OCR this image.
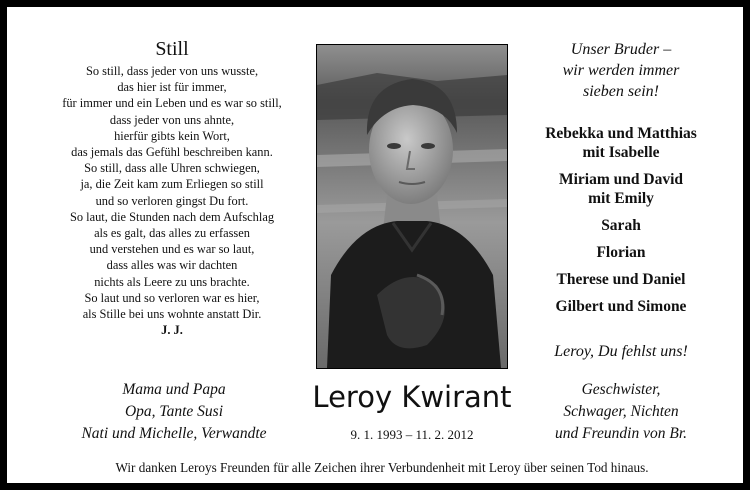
Still
So still, dass jeder von uns wusste,
das hier ist für immer,
für immer und ein Leben und es war so still,
dass jeder von uns ahnte,
hierfür gibts kein Wort,
das jemals das Gefühl beschreiben kann.
So still, dass alle Uhren schwiegen,
ja, die Zeit kam zum Erliegen so still
und so verloren gingst Du fort.
So laut, die Stunden nach dem Aufschlag
als es galt, das alles zu erfassen
und verstehen und es war so laut,
dass alles was wir dachten
nichts als Leere zu uns brachte.
So laut und so verloren war es hier,
als Stille bei uns wohnte anstatt Dir.
J. J.
Mama und Papa
Opa, Tante Susi
Nati und Michelle, Verwandte
Leroy Kwirant
9. 1. 1993 – 11. 2. 2012
Unser Bruder –
wir werden immer
sieben sein!
Rebekka und Matthias
mit Isabelle
Miriam und David
mit Emily
Sarah
Florian
Therese und Daniel
Gilbert und Simone
Leroy, Du fehlst uns!
Geschwister,
Schwager, Nichten
und Freundin von Br.
Wir danken Leroys Freunden für alle Zeichen ihrer Verbundenheit mit Leroy über seinen Tod hinaus.
